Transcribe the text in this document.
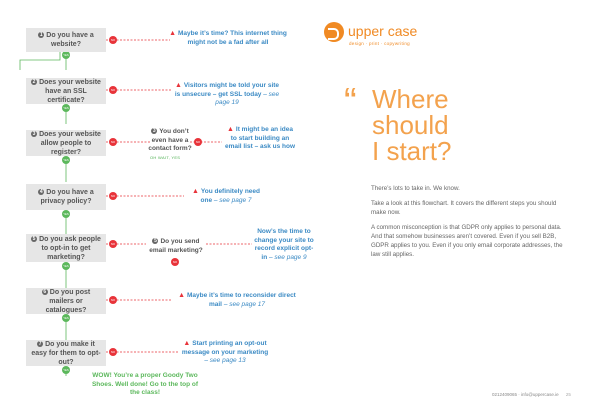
NO
NO
NO	NO
NO
NO
NO
NO
NO
YES
YES
YES
YES
YES
YES
YES
1 Do you have a website?
2 Does your website have an SSL certificate?
3 Does your website allow people to register?
4 Do you have a privacy policy?
5 Do you ask people to opt-in to get marketing?
6 Do you post mailers or catalogues?
7 Do you make it easy for them to opt-out?
▲ Maybe it’s time? This internet thing might not be a fad after all
▲ Visitors might be told your site is unsecure – get SSL today – see page 19
▲ It might be an idea to start building an email list – ask us how
▲ You definitely need one – see page 7
Now’s the time to change your site to record explicit opt-in – see page 9
▲ Maybe it’s time to reconsider direct mail – see page 17
▲ Start printing an opt-out message on your marketing – see page 13
3 You don’t even have a contact form?
OH WAIT, YES
5 Do you send email marketing?
WOW! You’re a proper Goody Two Shoes. Well done! Go to the top of the class!
upper case
design · print · copywriting
“ Where
should
I start?

There’s lots to take in. We know.

Take a look at this flowchart. It covers the different steps you should make now.

A common misconception is that GDPR only applies to personal data. And that somehow businesses aren’t covered. Even if you sell B2B, GDPR applies to you. Even if you only email corporate addresses, the law still applies.

0212409065 · info@uppercase.ie 25
